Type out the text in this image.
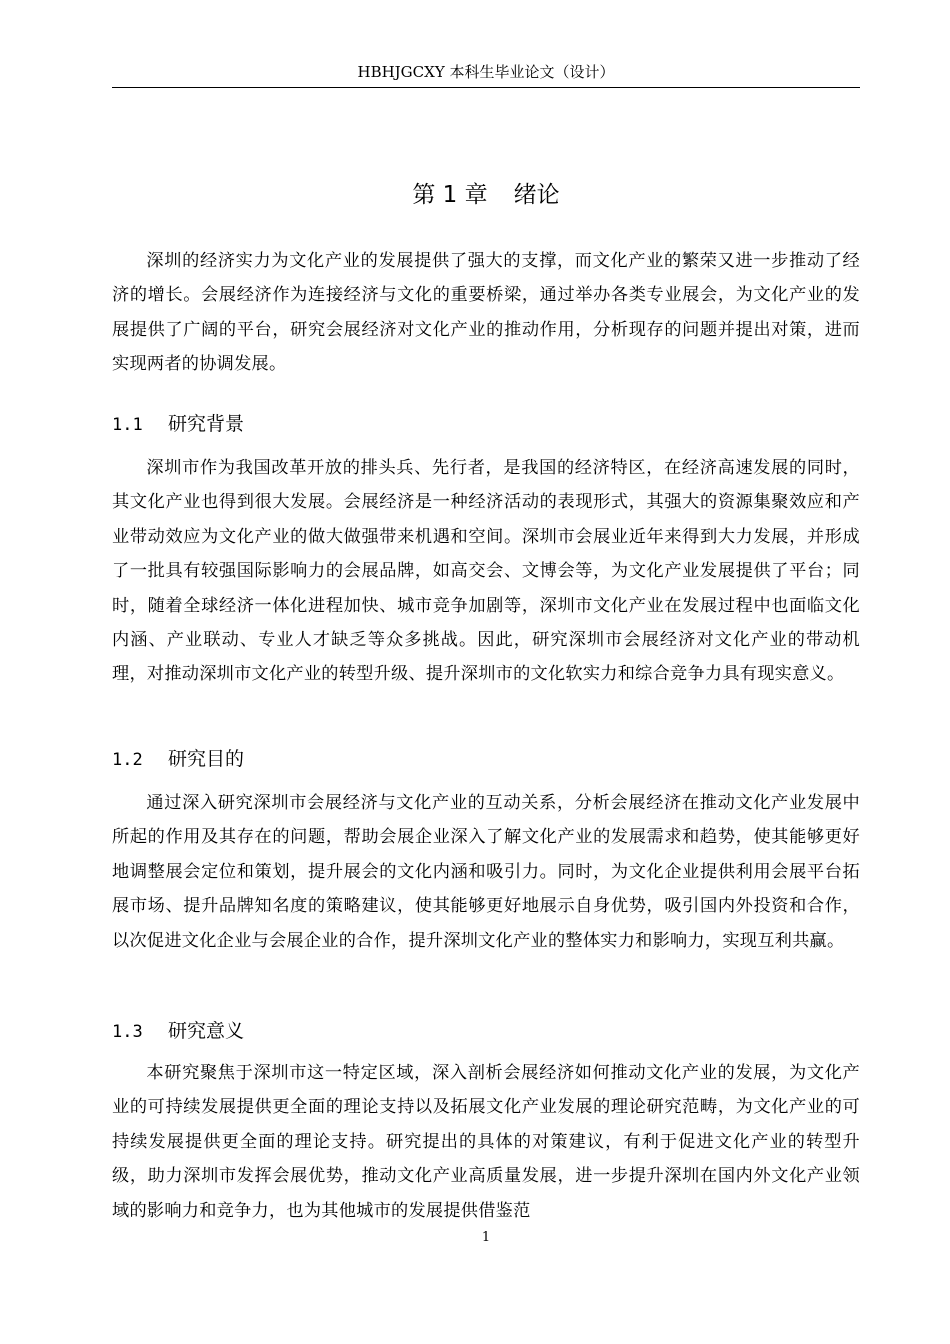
HBHJGCXY 本科生毕业论文（设计）
第 1 章 绪论

深圳的经济实力为文化产业的发展提供了强大的支撑，而文化产业的繁荣又进一步推动了经济的增长。会展经济作为连接经济与文化的重要桥梁，通过举办各类专业展会，为文化产业的发展提供了广阔的平台，研究会展经济对文化产业的推动作用，分析现存的问题并提出对策，进而实现两者的协调发展。

1.1 研究背景

深圳市作为我国改革开放的排头兵、先行者，是我国的经济特区，在经济高速发展的同时，其文化产业也得到很大发展。会展经济是一种经济活动的表现形式，其强大的资源集聚效应和产业带动效应为文化产业的做大做强带来机遇和空间。深圳市会展业近年来得到大力发展，并形成了一批具有较强国际影响力的会展品牌，如高交会、文博会等，为文化产业发展提供了平台；同时，随着全球经济一体化进程加快、城市竞争加剧等，深圳市文化产业在发展过程中也面临文化内涵、产业联动、专业人才缺乏等众多挑战。因此，研究深圳市会展经济对文化产业的带动机理，对推动深圳市文化产业的转型升级、提升深圳市的文化软实力和综合竞争力具有现实意义。

1.2 研究目的

通过深入研究深圳市会展经济与文化产业的互动关系，分析会展经济在推动文化产业发展中所起的作用及其存在的问题，帮助会展企业深入了解文化产业的发展需求和趋势，使其能够更好地调整展会定位和策划，提升展会的文化内涵和吸引力。同时，为文化企业提供利用会展平台拓展市场、提升品牌知名度的策略建议，使其能够更好地展示自身优势，吸引国内外投资和合作，以次促进文化企业与会展企业的合作，提升深圳文化产业的整体实力和影响力，实现互利共赢。

1.3 研究意义

本研究聚焦于深圳市这一特定区域，深入剖析会展经济如何推动文化产业的发展，为文化产业的可持续发展提供更全面的理论支持以及拓展文化产业发展的理论研究范畴，为文化产业的可持续发展提供更全面的理论支持。研究提出的具体的对策建议，有利于促进文化产业的转型升级，助力深圳市发挥会展优势，推动文化产业高质量发展，进一步提升深圳在国内外文化产业领域的影响力和竞争力，也为其他城市的发展提供借鉴范

1
